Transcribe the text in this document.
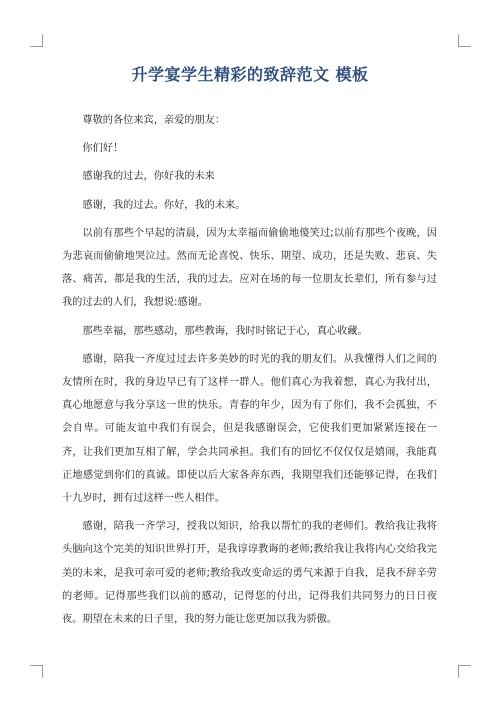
升学宴学生精彩的致辞范文 模板

尊敬的各位来宾，亲爱的朋友：

你们好！

感谢我的过去，你好我的未来

感谢，我的过去。你好，我的未来。

以前有那些个早起的清晨，因为太幸福而偷偷地傻笑过;以前有那些个夜晚，因为悲哀而偷偷地哭泣过。然而无论喜悦、快乐、期望、成功，还是失败、悲哀、失落、痛苦，都是我的生活，我的过去。应对在场的每一位朋友长辈们，所有参与过我的过去的人们，我想说:感谢。

那些幸福，那些感动，那些教诲，我时时铭记于心，真心收藏。

感谢，陪我一齐度过过去许多美妙的时光的我的朋友们。从我懂得人们之间的友情所在时，我的身边早已有了这样一群人。他们真心为我着想，真心为我付出，真心地愿意与我分享这一世的快乐。青春的年少，因为有了你们，我不会孤独，不会自卑。可能友谊中我们有误会，但是我感谢误会，它使我们更加紧紧连接在一齐，让我们更加互相了解，学会共同承担。我们有的回忆不仅仅仅是嬉闹，我能真正地感觉到你们的真诚。即使以后大家各奔东西，我期望我们还能够记得，在我们十九岁时，拥有过这样一些人相伴。

感谢，陪我一齐学习，授我以知识，给我以帮忙的我的老师们。教给我让我将头脑向这个完美的知识世界打开，是我谆谆教诲的老师;教给我让我将内心交给我完美的未来，是我可亲可爱的老师;教给我改变命运的勇气来源于自我，是我不辞辛劳的老师。记得那些我们以前的感动，记得您的付出，记得我们共同努力的日日夜夜。期望在未来的日子里，我的努力能让您更加以我为骄傲。
